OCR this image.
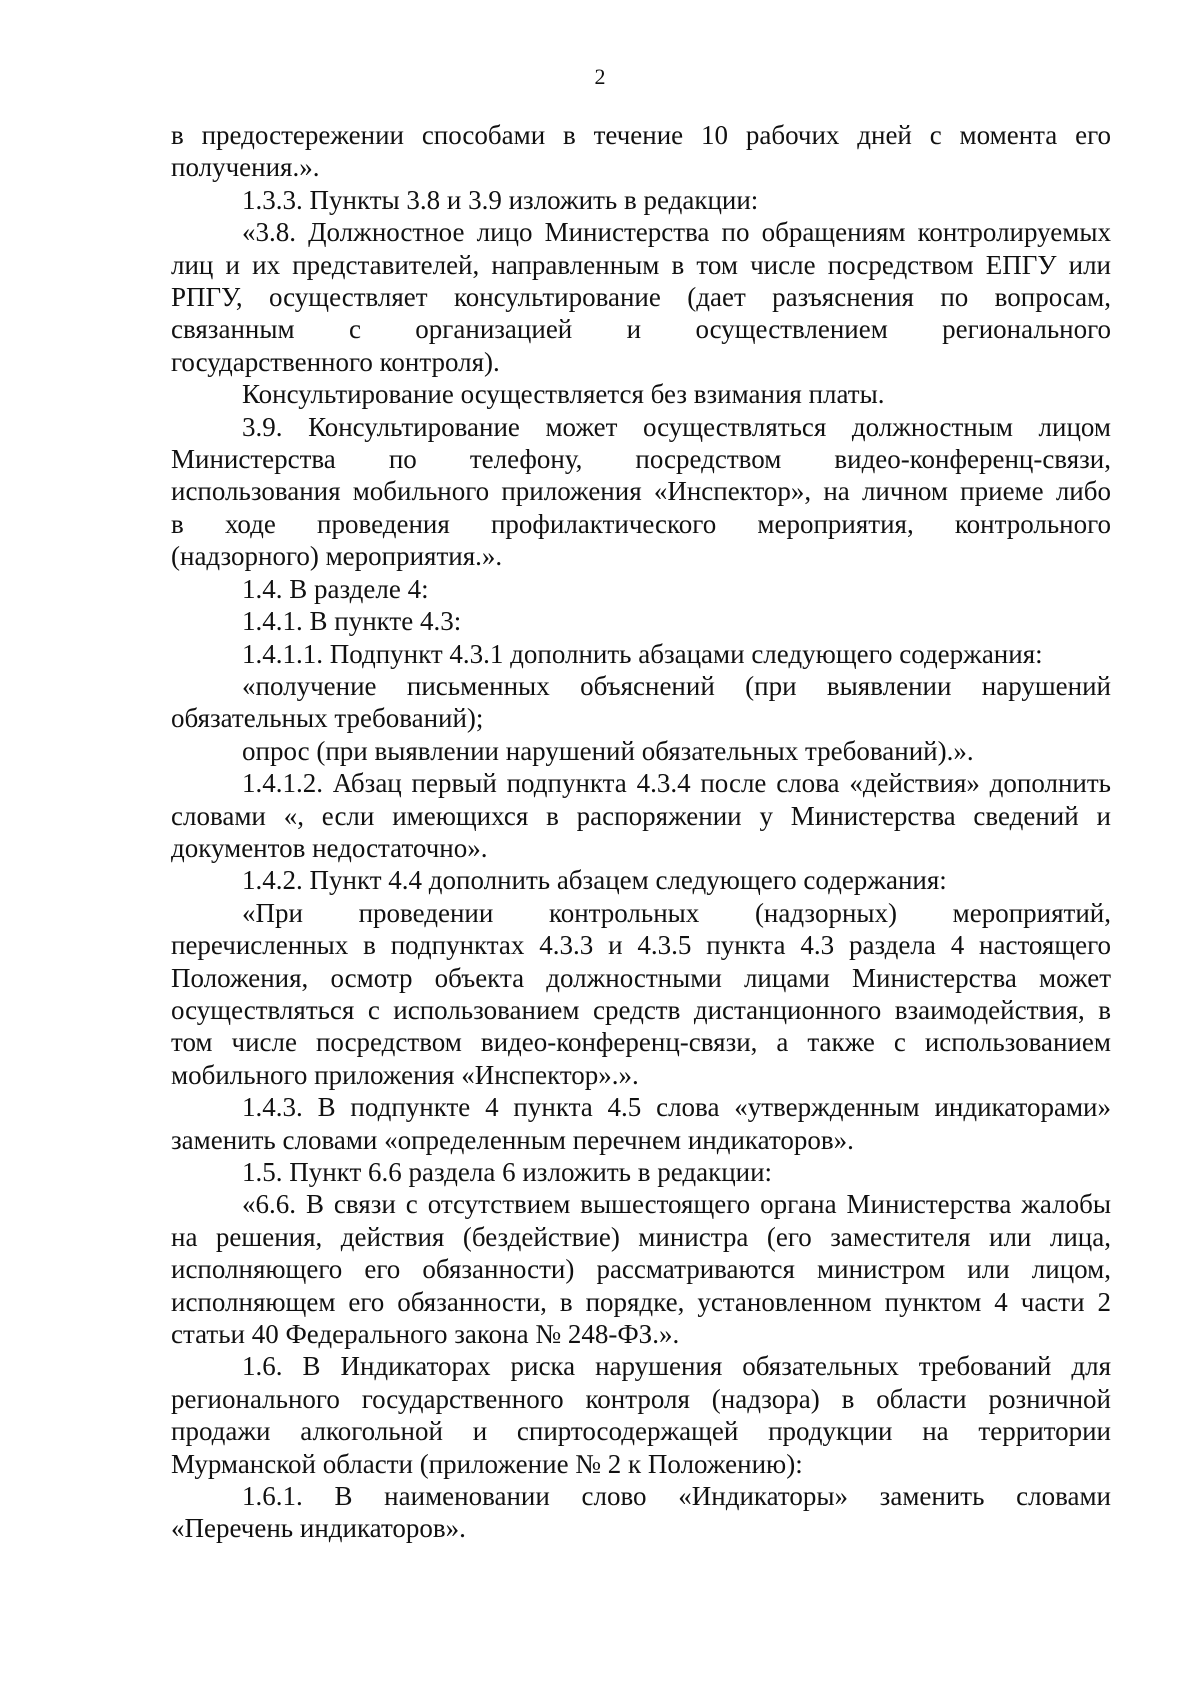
2
в предостережении способами в течение 10 рабочих дней с момента его
получения.».
1.3.3. Пункты 3.8 и 3.9 изложить в редакции:
«3.8. Должностное лицо Министерства по обращениям контролируемых
лиц и их представителей, направленным в том числе посредством ЕПГУ или
РПГУ, осуществляет консультирование (дает разъяснения по вопросам,
связанным с организацией и осуществлением регионального
государственного контроля).
Консультирование осуществляется без взимания платы.
3.9. Консультирование может осуществляться должностным лицом
Министерства по телефону, посредством видео-конференц-связи,
использования мобильного приложения «Инспектор», на личном приеме либо
в ходе проведения профилактического мероприятия, контрольного
(надзорного) мероприятия.».
1.4. В разделе 4:
1.4.1. В пункте 4.3:
1.4.1.1. Подпункт 4.3.1 дополнить абзацами следующего содержания:
«получение письменных объяснений (при выявлении нарушений
обязательных требований);
опрос (при выявлении нарушений обязательных требований).».
1.4.1.2. Абзац первый подпункта 4.3.4 после слова «действия» дополнить
словами «, если имеющихся в распоряжении у Министерства сведений и
документов недостаточно».
1.4.2. Пункт 4.4 дополнить абзацем следующего содержания:
«При проведении контрольных (надзорных) мероприятий,
перечисленных в подпунктах 4.3.3 и 4.3.5 пункта 4.3 раздела 4 настоящего
Положения, осмотр объекта должностными лицами Министерства может
осуществляться с использованием средств дистанционного взаимодействия, в
том числе посредством видео-конференц-связи, а также с использованием
мобильного приложения «Инспектор».».
1.4.3. В подпункте 4 пункта 4.5 слова «утвержденным индикаторами»
заменить словами «определенным перечнем индикаторов».
1.5. Пункт 6.6 раздела 6 изложить в редакции:
«6.6. В связи с отсутствием вышестоящего органа Министерства жалобы
на решения, действия (бездействие) министра (его заместителя или лица,
исполняющего его обязанности) рассматриваются министром или лицом,
исполняющем его обязанности, в порядке, установленном пунктом 4 части 2
статьи 40 Федерального закона № 248-ФЗ.».
1.6. В Индикаторах риска нарушения обязательных требований для
регионального государственного контроля (надзора) в области розничной
продажи алкогольной и спиртосодержащей продукции на территории
Мурманской области (приложение № 2 к Положению):
1.6.1. В наименовании слово «Индикаторы» заменить словами
«Перечень индикаторов».
